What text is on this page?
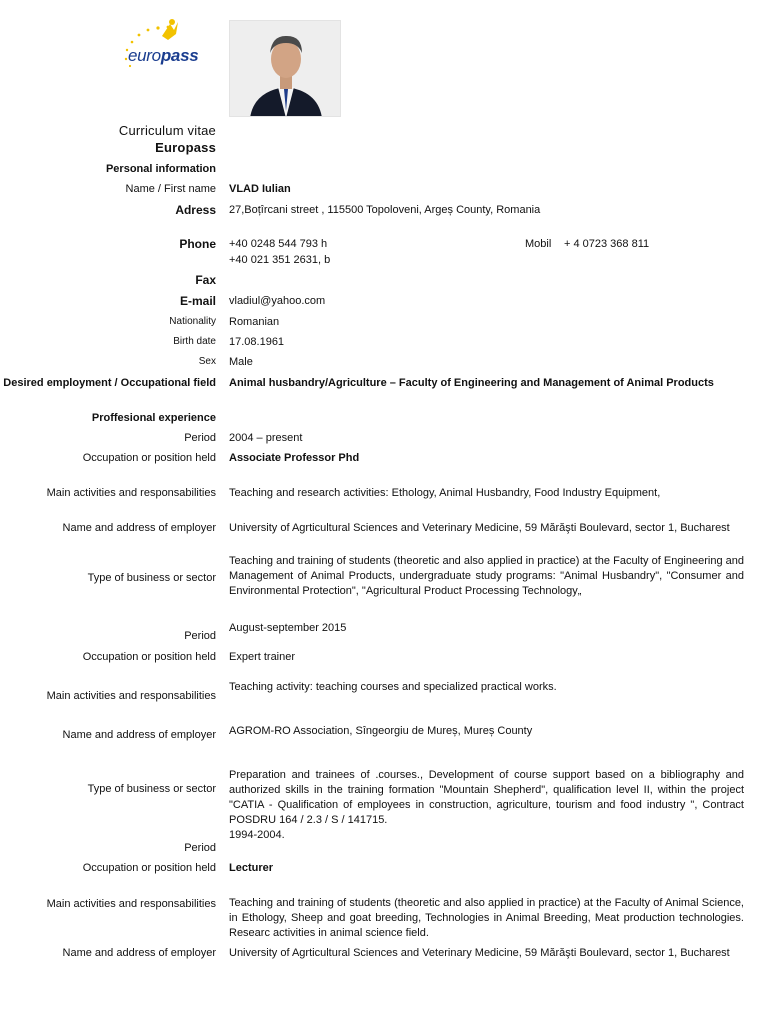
europass
Curriculum vitae
Europass
Personal information
Name / First name VLAD Iulian
Adress 27,Boțîrcani street , 115500 Topoloveni, Argeș County, Romania
Phone +40 0248 544 793 h
+40 021 351 2631, b
Mobil + 4 0723 368 811
Fax
E-mail vladiul@yahoo.com
Nationality Romanian
Birth date 17.08.1961
Sex Male
Desired employment / Occupational field Animal husbandry/Agriculture – Faculty of Engineering and Management of Animal Products
Proffesional experience
Period 2004 – present
Occupation or position held Associate Professor Phd
Main activities and responsabilities Teaching and research activities: Ethology, Animal Husbandry, Food Industry Equipment,
Name and address of employer University of Agrticultural Sciences and Veterinary Medicine, 59 Mărăşti Boulevard, sector 1, Bucharest
Type of business or sector
Teaching and training of students (theoretic and also applied in practice) at the Faculty of Engineering and Management of Animal Products, undergraduate study programs: "Animal Husbandry", "Consumer and Environmental Protection", "Agricultural Product Processing Technology„
Period
August-september 2015
Occupation or position held Expert trainer
Main activities and responsabilities
Teaching activity: teaching courses and specialized practical works.
Name and address of employer AGROM-RO Association, Sîngeorgiu de Mureș, Mureș County
Type of business or sector
Preparation and trainees of .courses., Development of course support based on a bibliography and authorized skills in the training formation "Mountain Shepherd", qualification level II, within the project "CATIA - Qualification of employees in construction, agriculture, tourism and food industry ", Contract POSDRU 164 / 2.3 / S / 141715.
Period
1994-2004.
Occupation or position held Lecturer
Main activities and responsabilities Teaching and training of students (theoretic and also applied in practice) at the Faculty of Animal Science, in Ethology, Sheep and goat breeding, Technologies in Animal Breeding, Meat production technologies. Researc activities in animal science field.
Name and address of employer University of Agrticultural Sciences and Veterinary Medicine, 59 Mărăşti Boulevard, sector 1, Bucharest
